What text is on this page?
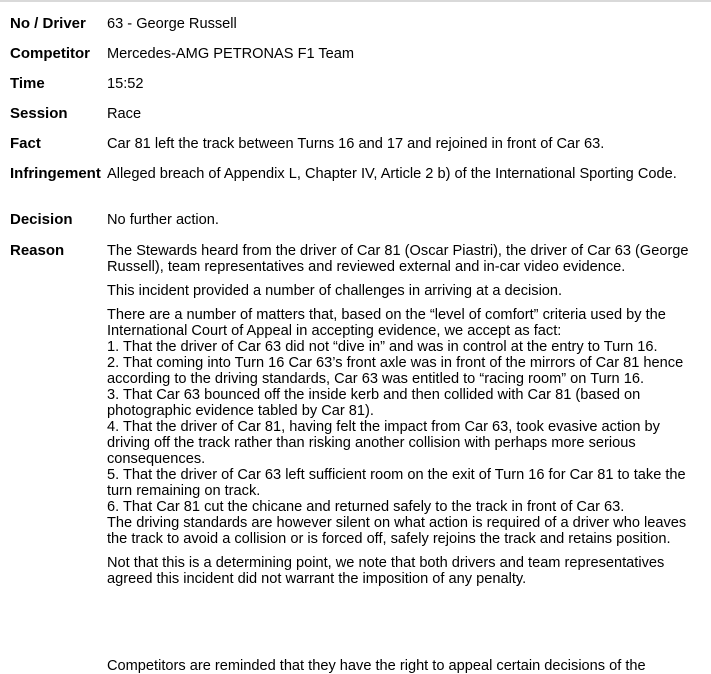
No / Driver 63 - George Russell
Competitor Mercedes-AMG PETRONAS F1 Team
Time	15:52
Session	Race
Fact	Car 81 left the track between Turns 16 and 17 and rejoined in front of Car 63.
Infringement Alleged breach of Appendix L, Chapter IV, Article 2 b) of the International Sporting Code.
Decision No further action.
Reason	The Stewards heard from the driver of Car 81 (Oscar Piastri), the driver of Car 63 (George Russell), team representatives and reviewed external and in-car video evidence.

This incident provided a number of challenges in arriving at a decision.

There are a number of matters that, based on the “level of comfort” criteria used by the International Court of Appeal in accepting evidence, we accept as fact:

1. That the driver of Car 63 did not “dive in” and was in control at the entry to Turn 16.

2. That coming into Turn 16 Car 63’s front axle was in front of the mirrors of Car 81 hence according to the driving standards, Car 63 was entitled to “racing room” on Turn 16.

3. That Car 63 bounced off the inside kerb and then collided with Car 81 (based on photographic evidence tabled by Car 81).

4. That the driver of Car 81, having felt the impact from Car 63, took evasive action by driving off the track rather than risking another collision with perhaps more serious consequences.

5. That the driver of Car 63 left sufficient room on the exit of Turn 16 for Car 81 to take the turn remaining on track.

6. That Car 81 cut the chicane and returned safely to the track in front of Car 63.

The driving standards are however silent on what action is required of a driver who leaves the track to avoid a collision or is forced off, safely rejoins the track and retains position.

Not that this is a determining point, we note that both drivers and team representatives agreed this incident did not warrant the imposition of any penalty.

Competitors are reminded that they have the right to appeal certain decisions of the
